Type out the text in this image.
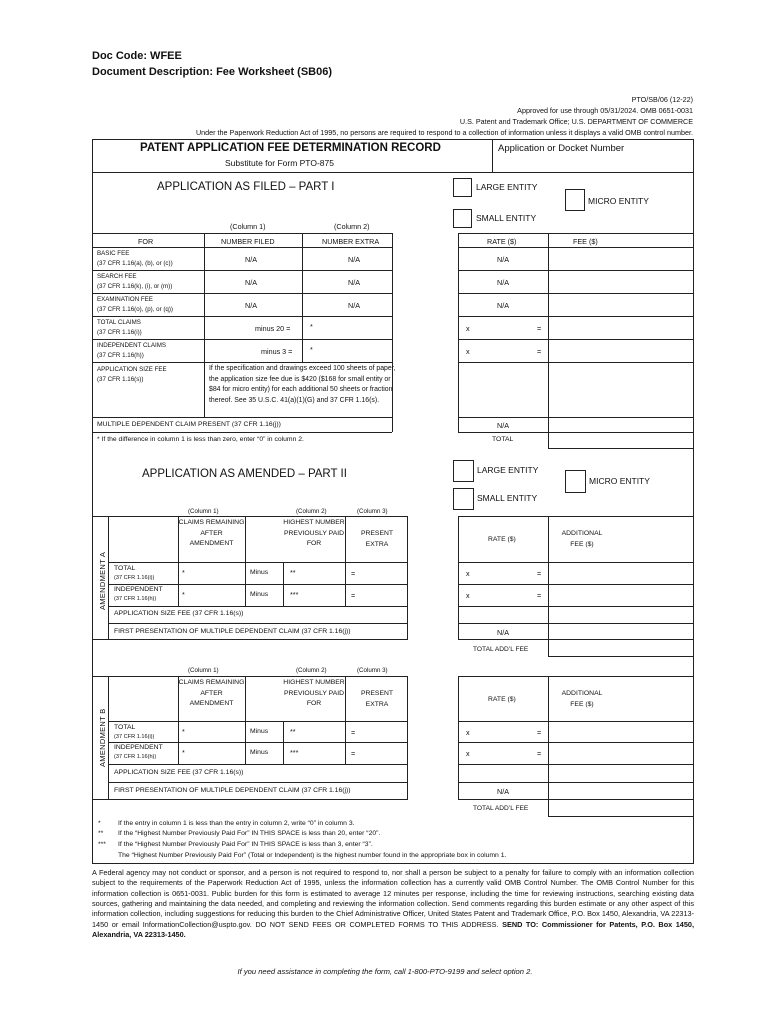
Doc Code: WFEE
Document Description: Fee Worksheet (SB06)
PTO/SB/06 (12-22)
Approved for use through 05/31/2024. OMB 0651-0031
U.S. Patent and Trademark Office; U.S. DEPARTMENT OF COMMERCE
Under the Paperwork Reduction Act of 1995, no persons are required to respond to a collection of information unless it displays a valid OMB control number.
PATENT APPLICATION FEE DETERMINATION RECORD
Substitute for Form PTO-875
Application or Docket Number
APPLICATION AS FILED – PART I	LARGE ENTITY
SMALL ENTITY
MICRO ENTITY
(Column 1)	(Column 2)
FOR	NUMBER FILED	NUMBER EXTRA	RATE ($)	FEE ($)
BASIC FEE
(37 CFR 1.16(a), (b), or (c))	N/A	N/A	N/A
SEARCH FEE
(37 CFR 1.16(k), (i), or (m))	N/A	N/A	N/A
EXAMINATION FEE
(37 CFR 1.16(o), (p), or (q))	N/A	N/A	N/A
TOTAL CLAIMS
(37 CFR 1.16(i))	minus 20 =	*	x	=
INDEPENDENT CLAIMS
(37 CFR 1.16(h))	minus 3 = *	x	=
APPLICATION SIZE FEE
(37 CFR 1.16(s))
If the specification and drawings exceed 100 sheets of paper, the application size fee due is $420 ($168 for small entity or $84 for micro entity) for each additional 50 sheets or fraction thereof. See 35 U.S.C. 41(a)(1)(G) and 37 CFR 1.16(s).
MULTIPLE DEPENDENT CLAIM PRESENT (37 CFR 1.16(j))	N/A
* If the difference in column 1 is less than zero, enter “0” in column 2.	TOTAL
APPLICATION AS AMENDED – PART II	LARGE ENTITY
SMALL ENTITY
MICRO ENTITY
(Column 1)	(Column 2)	(Column 3)
AMENDMENT A
CLAIMS REMAINING AFTER AMENDMENT
HIGHEST NUMBER PREVIOUSLY PAID FOR
PRESENT EXTRA
RATE ($)
ADDITIONAL FEE ($)
TOTAL
(37 CFR 1.16(i))
*	Minus	**	=	x	=
INDEPENDENT
(37 CFR 1.16(h))	*	Minus	***	=	x	=
APPLICATION SIZE FEE (37 CFR 1.16(s))
FIRST PRESENTATION OF MULTIPLE DEPENDENT CLAIM (37 CFR 1.16(j))	N/A
TOTAL ADD’L FEE
(Column 1)	(Column 2)	(Column 3)
AMENDMENT B
CLAIMS REMAINING AFTER AMENDMENT
HIGHEST NUMBER PREVIOUSLY PAID FOR
PRESENT EXTRA
RATE ($)
ADDITIONAL FEE ($)
TOTAL
(37 CFR 1.16(i))
*	Minus	**	=	x	=
INDEPENDENT
(37 CFR 1.16(h))	*	Minus	***	=	x	=
APPLICATION SIZE FEE (37 CFR 1.16(s))
FIRST PRESENTATION OF MULTIPLE DEPENDENT CLAIM (37 CFR 1.16(j))	N/A
TOTAL ADD’L FEE
*	If the entry in column 1 is less than the entry in column 2, write “0” in column 3.
** If the “Highest Number Previously Paid For” IN THIS SPACE is less than 20, enter “20”.
*** If the “Highest Number Previously Paid For” IN THIS SPACE is less than 3, enter “3”.
The “Highest Number Previously Paid For” (Total or Independent) is the highest number found in the appropriate box in column 1.
A Federal agency may not conduct or sponsor, and a person is not required to respond to, nor shall a person be subject to a penalty for failure to comply with an information collection subject to the requirements of the Paperwork Reduction Act of 1995, unless the information collection has a currently valid OMB Control Number. The OMB Control Number for this information collection is 0651-0031. Public burden for this form is estimated to average 12 minutes per response, including the time for reviewing instructions, searching existing data sources, gathering and maintaining the data needed, and completing and reviewing the information collection. Send comments regarding this burden estimate or any other aspect of this information collection, including suggestions for reducing this burden to the Chief Administrative Officer, United States Patent and Trademark Office, P.O. Box 1450, Alexandria, VA 22313-1450 or email InformationCollection@uspto.gov. DO NOT SEND FEES OR COMPLETED FORMS TO THIS ADDRESS. SEND TO: Commissioner for Patents, P.O. Box 1450, Alexandria, VA 22313-1450.
If you need assistance in completing the form, call 1-800-PTO-9199 and select option 2.
